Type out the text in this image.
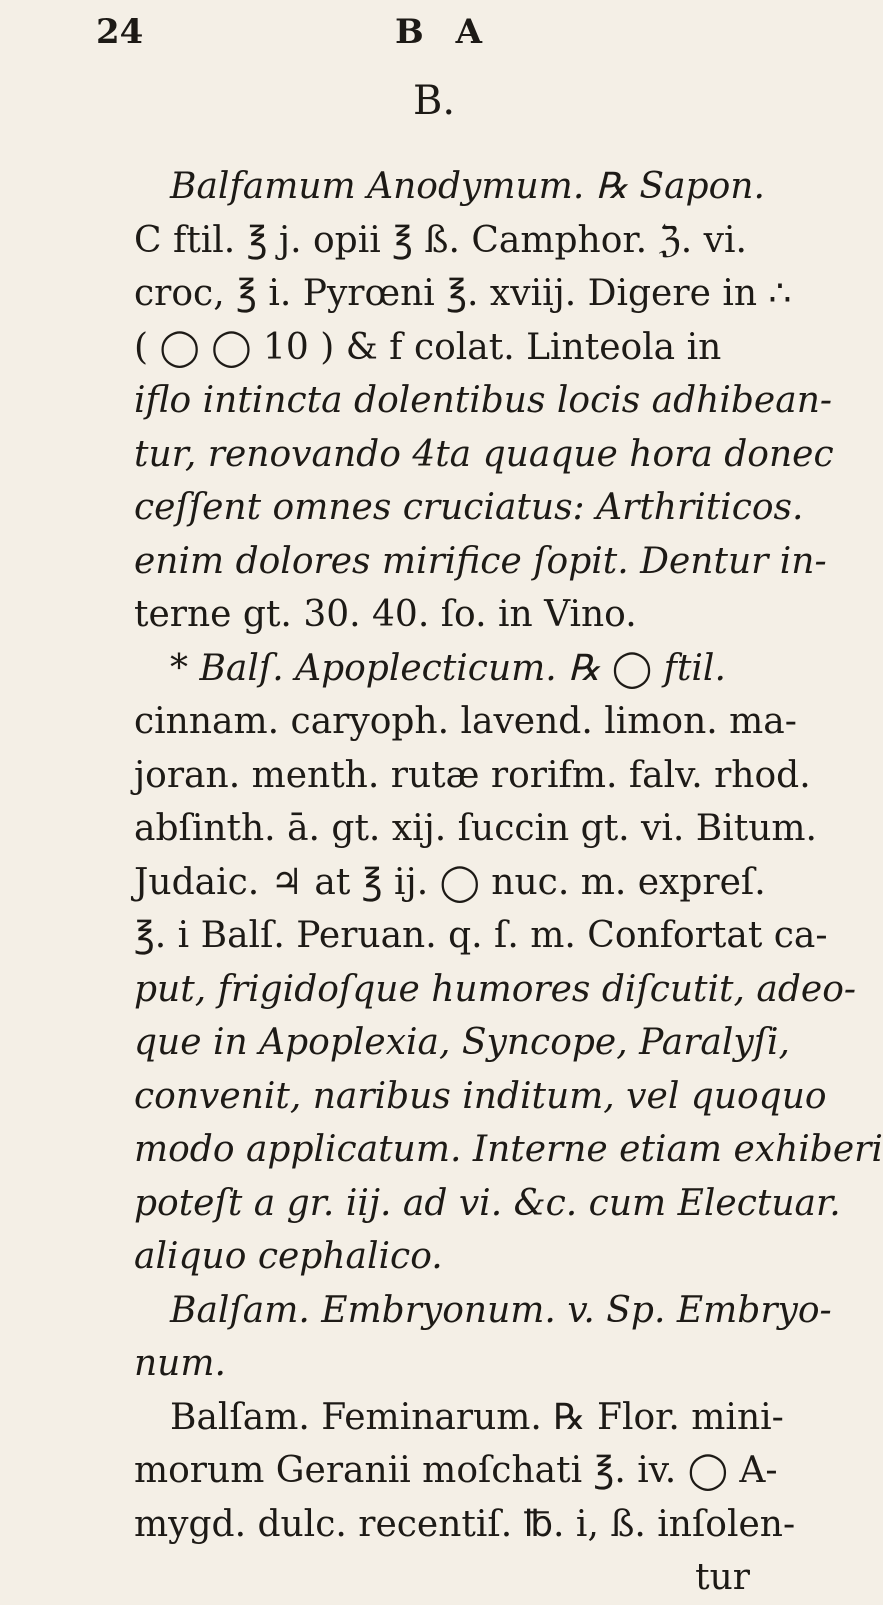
24	B A
B.
Balfamum Anodymum. ℞ Sapon.
C ftil. ℥ j. opii ℥ ß. Camphor. ℨ. vi.
croc, ℥ i. Pyrœni ℥. xviij. Digere in ∴
( ◯ ◯ 10 ) & f colat. Linteola in
iflo intincta dolentibus locis adhibean-
tur, renovando 4ta quaque hora donec
ceſſent omnes cruciatus: Arthriticos.
enim dolores mirifice ſopit. Dentur in-
terne gt. 30. 40. ſo. in Vino.
* Balſ. Apoplecticum. ℞ ◯ ftil.
cinnam. caryoph. lavend. limon. ma-
joran. menth. rutæ rorifm. falv. rhod.
abſinth. ā. gt. xij. ſuccin gt. vi. Bitum.
Judaic. ♃ at ℥ ij. ◯ nuc. m. expreſ.
℥. i Balſ. Peruan. q. ſ. m. Confortat ca-
put, frigidoſque humores diſcutit, adeo-
que in Apoplexia, Syncope, Paralyſi,
convenit, naribus inditum, vel quoquo
modo applicatum. Interne etiam exhiberi
poteſt a gr. iij. ad vi. &c. cum Electuar.
aliquo cephalico.
Balſam. Embryonum. v. Sp. Embryo-
num.
Balſam. Feminarum. ℞ Flor. mini-
morum Geranii moſchati ℥. iv. ◯ A-
mygd. dulc. recentiſ. ℔. i, ß. inſolen-
tur
